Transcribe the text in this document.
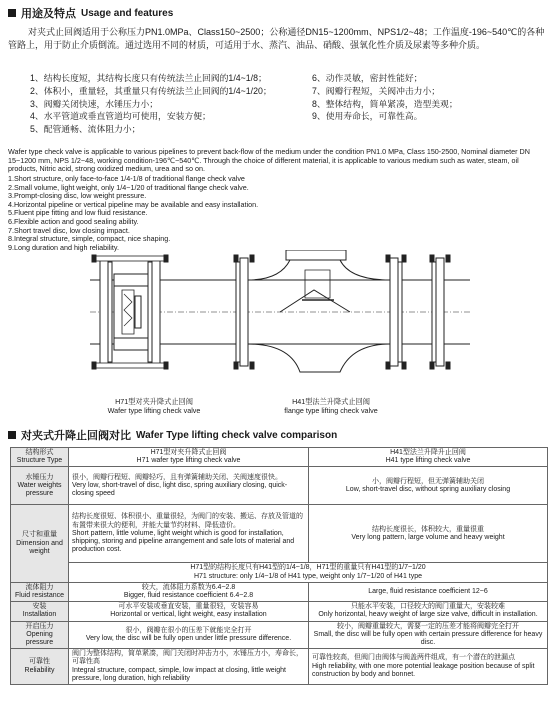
用途及特点 Usage and features

对夹式止回阀适用于公称压力PN1.0MPa、Class150~2500；公称通径DN15~1200mm、NPS1/2~48；工作温度-196~540℃的各种管路上，用于防止介质倒流。通过选用不同的材质，可适用于水、蒸汽、油品、硝酸、强氧化性介质及尿素等多种介质。

1、结构长度短，其结构长度只有传统法兰止回阀的1/4~1/8；
2、体积小，重量轻，其重量只有传统法兰止回阀的1/4~1/20；
3、阀瓣关闭快速，水锤压力小；
4、水平管道或垂直管道均可使用，安装方便；
5、配管通畅、流体阻力小；
6、动作灵敏，密封性能好；
7、阀瓣行程短，关阀冲击力小；
8、整体结构，简单紧凑，造型美观；
9、使用寿命长，可靠性高。

Wafer type check valve is applicable to various pipelines to prevent back-flow of the medium under the condition PN1.0 MPa, Class 150-2500, Nominal diameter DN 15~1200 mm, NPS 1/2~48, working condition-196℃~540℃. Through the choice of different material, it is applicable to various medium such as water, steam, oil products, Nitric acid, strong oxidized medium, urea and so on.

1.Short structure, only face-to-face 1/4-1/8 of traditional flange check valve
2.Small volume, light weight, only 1/4~1/20 of traditional flange check valve.
3.Prompt-closing disc, low weight pressure.
4.Horizontal pipeline or vertical pipeline may be available and easy installation.
5.Fluent pipe fitting and low fluid resistance.
6.Flexible action and good sealing ability.
7.Short travel disc, low closing impact.
8.Integral structure, simple, compact, nice shaping.
9.Long duration and high reliability.
H71型对夹升降式止回阀
Wafer type lifting check valve
H41型法兰升降式止回阀
flange type lifting check valve
对夹式升降止回阀对比 Wafer Type lifting check valve comparison
结构形式
Structure Type	H71型对夹升降式止回阀
H71 wafer type lifting check valve	H41型法兰升降升止回阀
H41 type lifting check valve

水锤压力
Water weights pressure	很小，阀瓣行程短、阀瓣轻巧，且有弹簧辅助关闭、关阀速度很快。
Very low, short-travel of disc, light disc, spring auxiliary closing, quick-closing speed	小，阀瓣行程短，但无弹簧辅助关闭
Low, short-travel disc, without spring auxiliary closing

尺寸和重量
Dimension and weight	结构长度很短、体积很小、重量很轻，为阀门的安装、搬运、存放及管道的布置带来很大的便利，并能大量节约材料、降低造价。
Short pattern, little volume, light weight which is good for installation, shipping, storing and pipeline arrangement and safe lots of material and production cost.	结构长度很长，体积较大，重量很重
Very long pattern, large volume and heavy weight

	H71型的结构长度只有H41型的1/4~1/8，H71型的重量只有H41型的1/7~1/20
H71 structure: only 1/4~1/8 of H41 type, weight only 1/7~1/20 of H41 type	

流体阻力
Fluid resistance	较大，流体阻力系数为6.4~2.8
Bigger, fluid resistance coefficient 6.4~2.8	Large, fluid resistance coefficient 12~6

安装
Installation	可水平安装或垂直安装，重量很轻，安装容易
Horizontal or vertical, light weight, easy installation	只能水平安装，口径较大的阀门重量大，安装较难
Only horizontal, heavy weight of large size valve, difficult in installation.

开启压力
Opening pressure	很小，阀瓣在很小的压差下就能完全打开
Very low, the disc will be fully open under little pressure difference.	较小，阀瓣重量较大，需要一定的压差才能将阀瓣完全打开
Small, the disc will be fully open with certain pressure difference for heavy disc.

可靠性
Reliability	阀门为整体结构，简单紧凑，阀门关闭时冲击力小，水锤压力小，寿命长，可靠性高
Integral structure, compact, simple, low impact at closing, little weight pressure, long duration, high reliability	可靠性较高，但阀门由阀体与阀盖两件组成，有一个潜在的泄漏点
High reliability, with one more potential leakage position because of split construction by body and bonnet.
